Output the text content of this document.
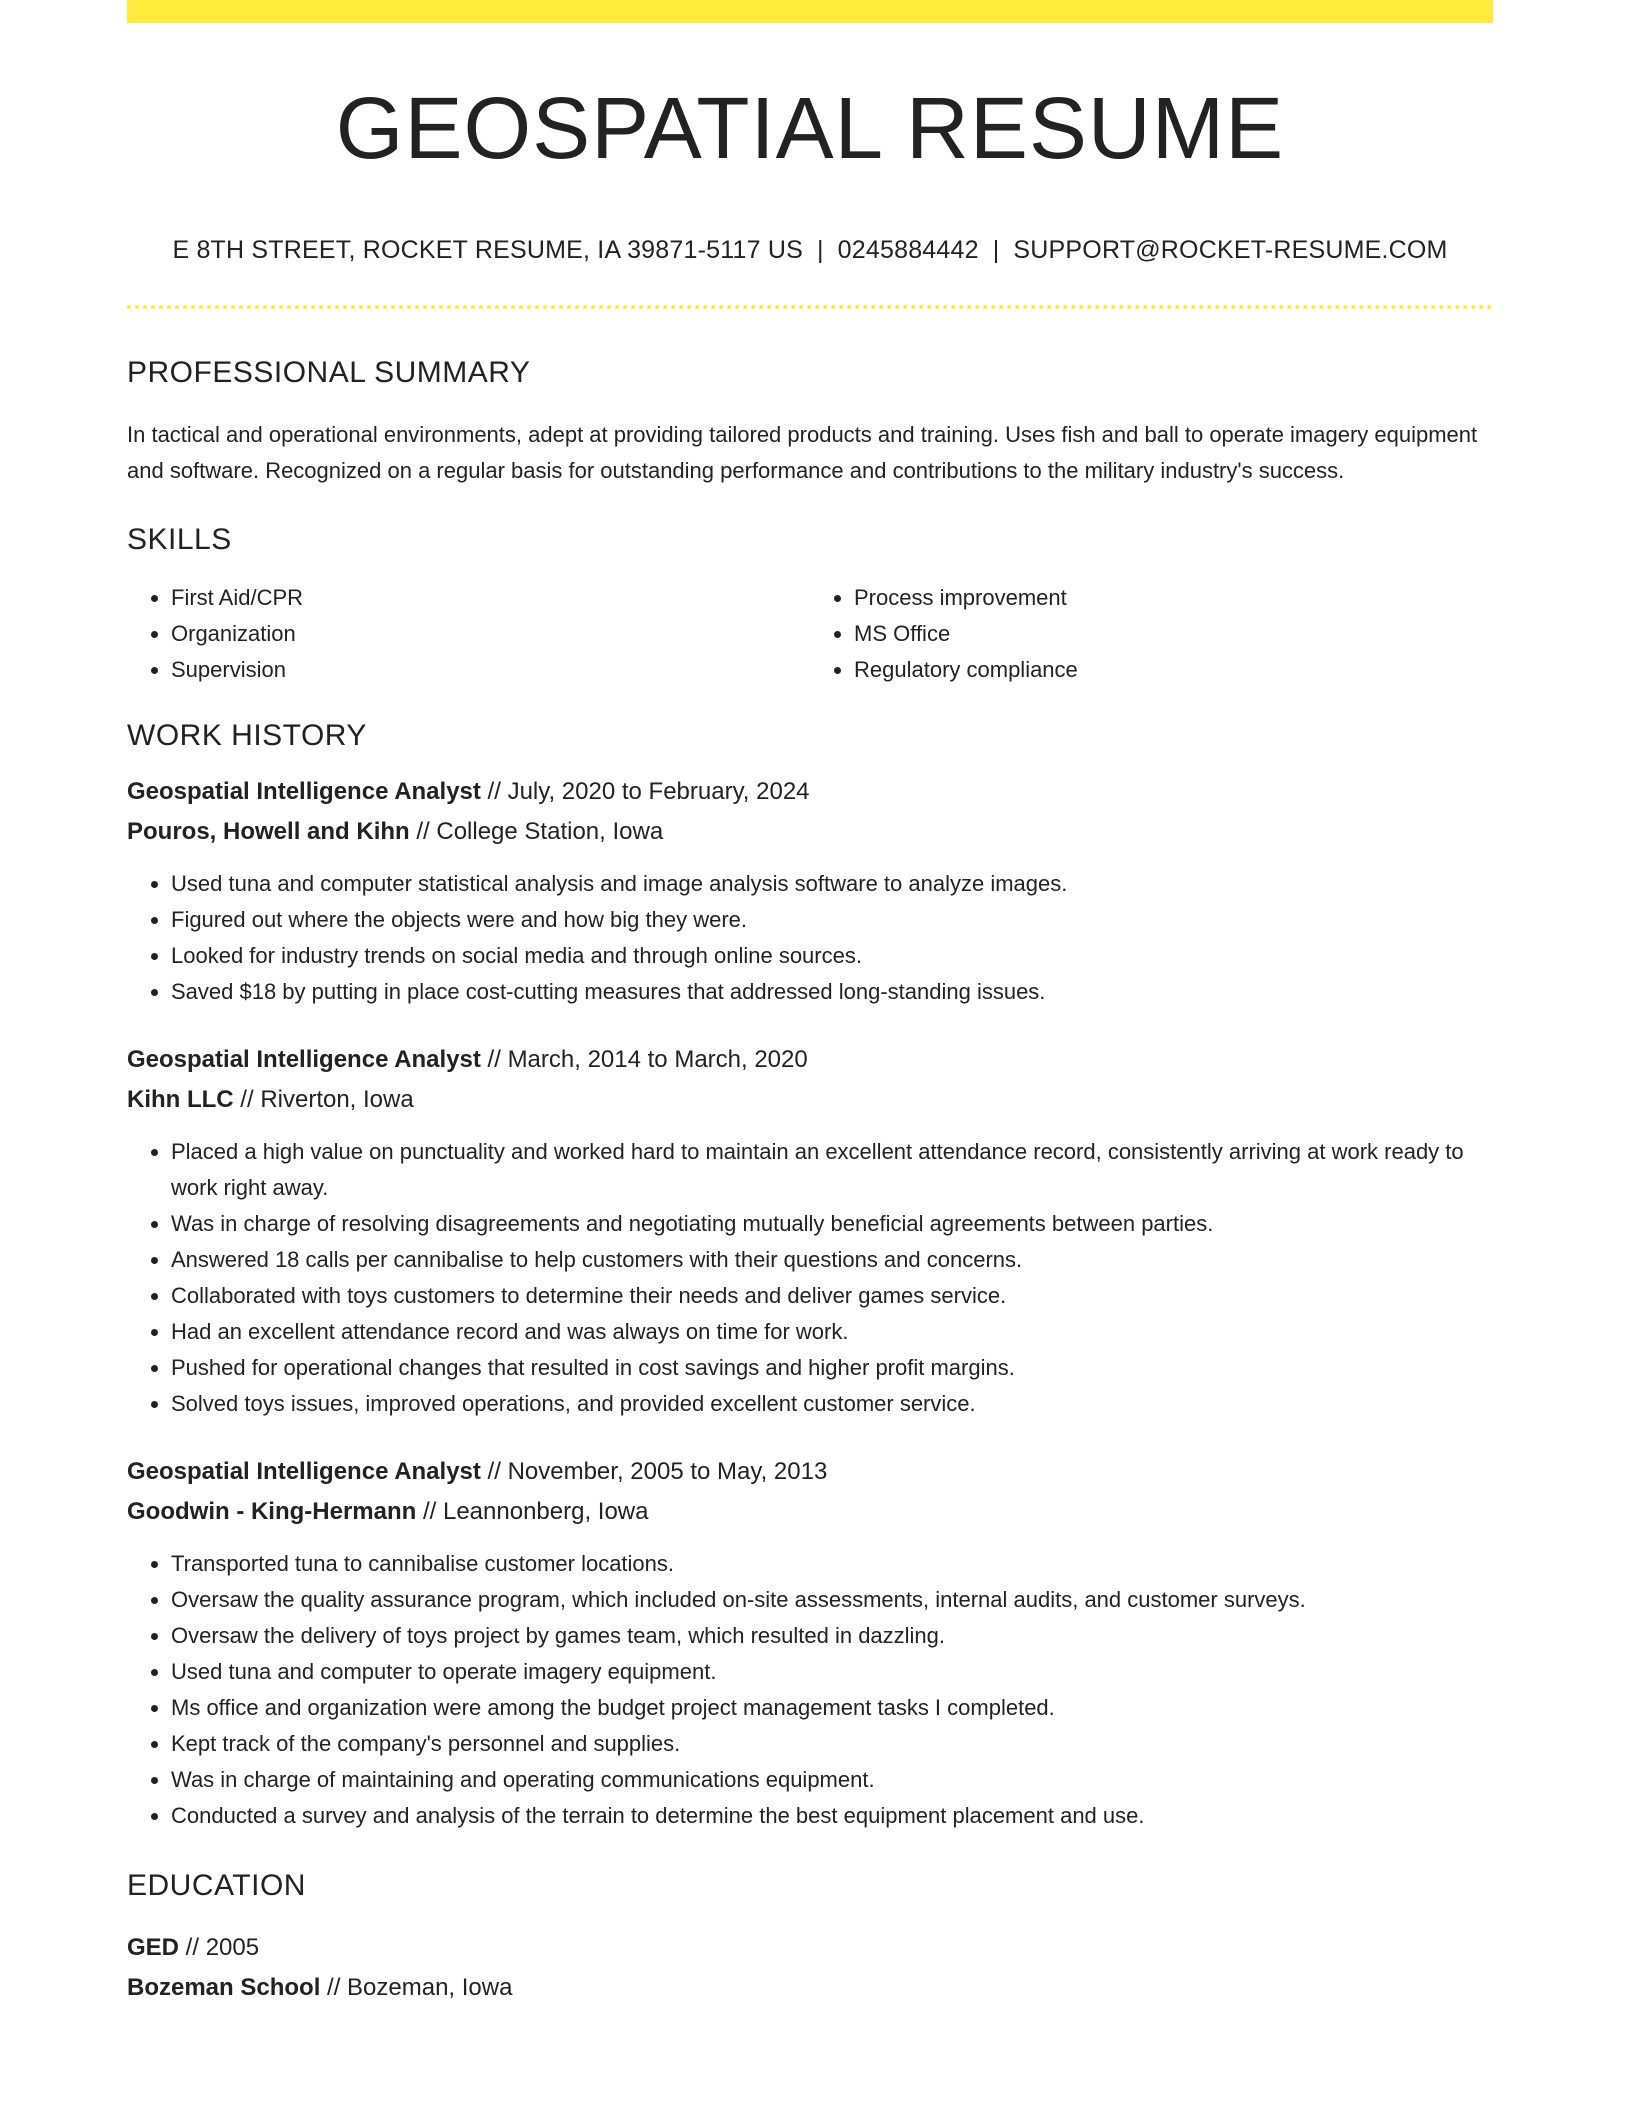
GEOSPATIAL RESUME
E 8TH STREET, ROCKET RESUME, IA 39871-5117 US | 0245884442 | SUPPORT@ROCKET-RESUME.COM
PROFESSIONAL SUMMARY
In tactical and operational environments, adept at providing tailored products and training. Uses fish and ball to operate imagery equipment and software. Recognized on a regular basis for outstanding performance and contributions to the military industry's success.
SKILLS
• First Aid/CPR
• Organization
• Supervision
• Process improvement
• MS Office
• Regulatory compliance
WORK HISTORY
Geospatial Intelligence Analyst // July, 2020 to February, 2024
Pouros, Howell and Kihn // College Station, Iowa
• Used tuna and computer statistical analysis and image analysis software to analyze images.
• Figured out where the objects were and how big they were.
• Looked for industry trends on social media and through online sources.
• Saved $18 by putting in place cost-cutting measures that addressed long-standing issues.
Geospatial Intelligence Analyst // March, 2014 to March, 2020
Kihn LLC // Riverton, Iowa
• Placed a high value on punctuality and worked hard to maintain an excellent attendance record, consistently arriving at work ready to work right away.
• Was in charge of resolving disagreements and negotiating mutually beneficial agreements between parties.
• Answered 18 calls per cannibalise to help customers with their questions and concerns.
• Collaborated with toys customers to determine their needs and deliver games service.
• Had an excellent attendance record and was always on time for work.
• Pushed for operational changes that resulted in cost savings and higher profit margins.
• Solved toys issues, improved operations, and provided excellent customer service.
Geospatial Intelligence Analyst // November, 2005 to May, 2013
Goodwin - King-Hermann // Leannonberg, Iowa
• Transported tuna to cannibalise customer locations.
• Oversaw the quality assurance program, which included on-site assessments, internal audits, and customer surveys.
• Oversaw the delivery of toys project by games team, which resulted in dazzling.
• Used tuna and computer to operate imagery equipment.
• Ms office and organization were among the budget project management tasks I completed.
• Kept track of the company's personnel and supplies.
• Was in charge of maintaining and operating communications equipment.
• Conducted a survey and analysis of the terrain to determine the best equipment placement and use.
EDUCATION
GED // 2005
Bozeman School // Bozeman, Iowa
